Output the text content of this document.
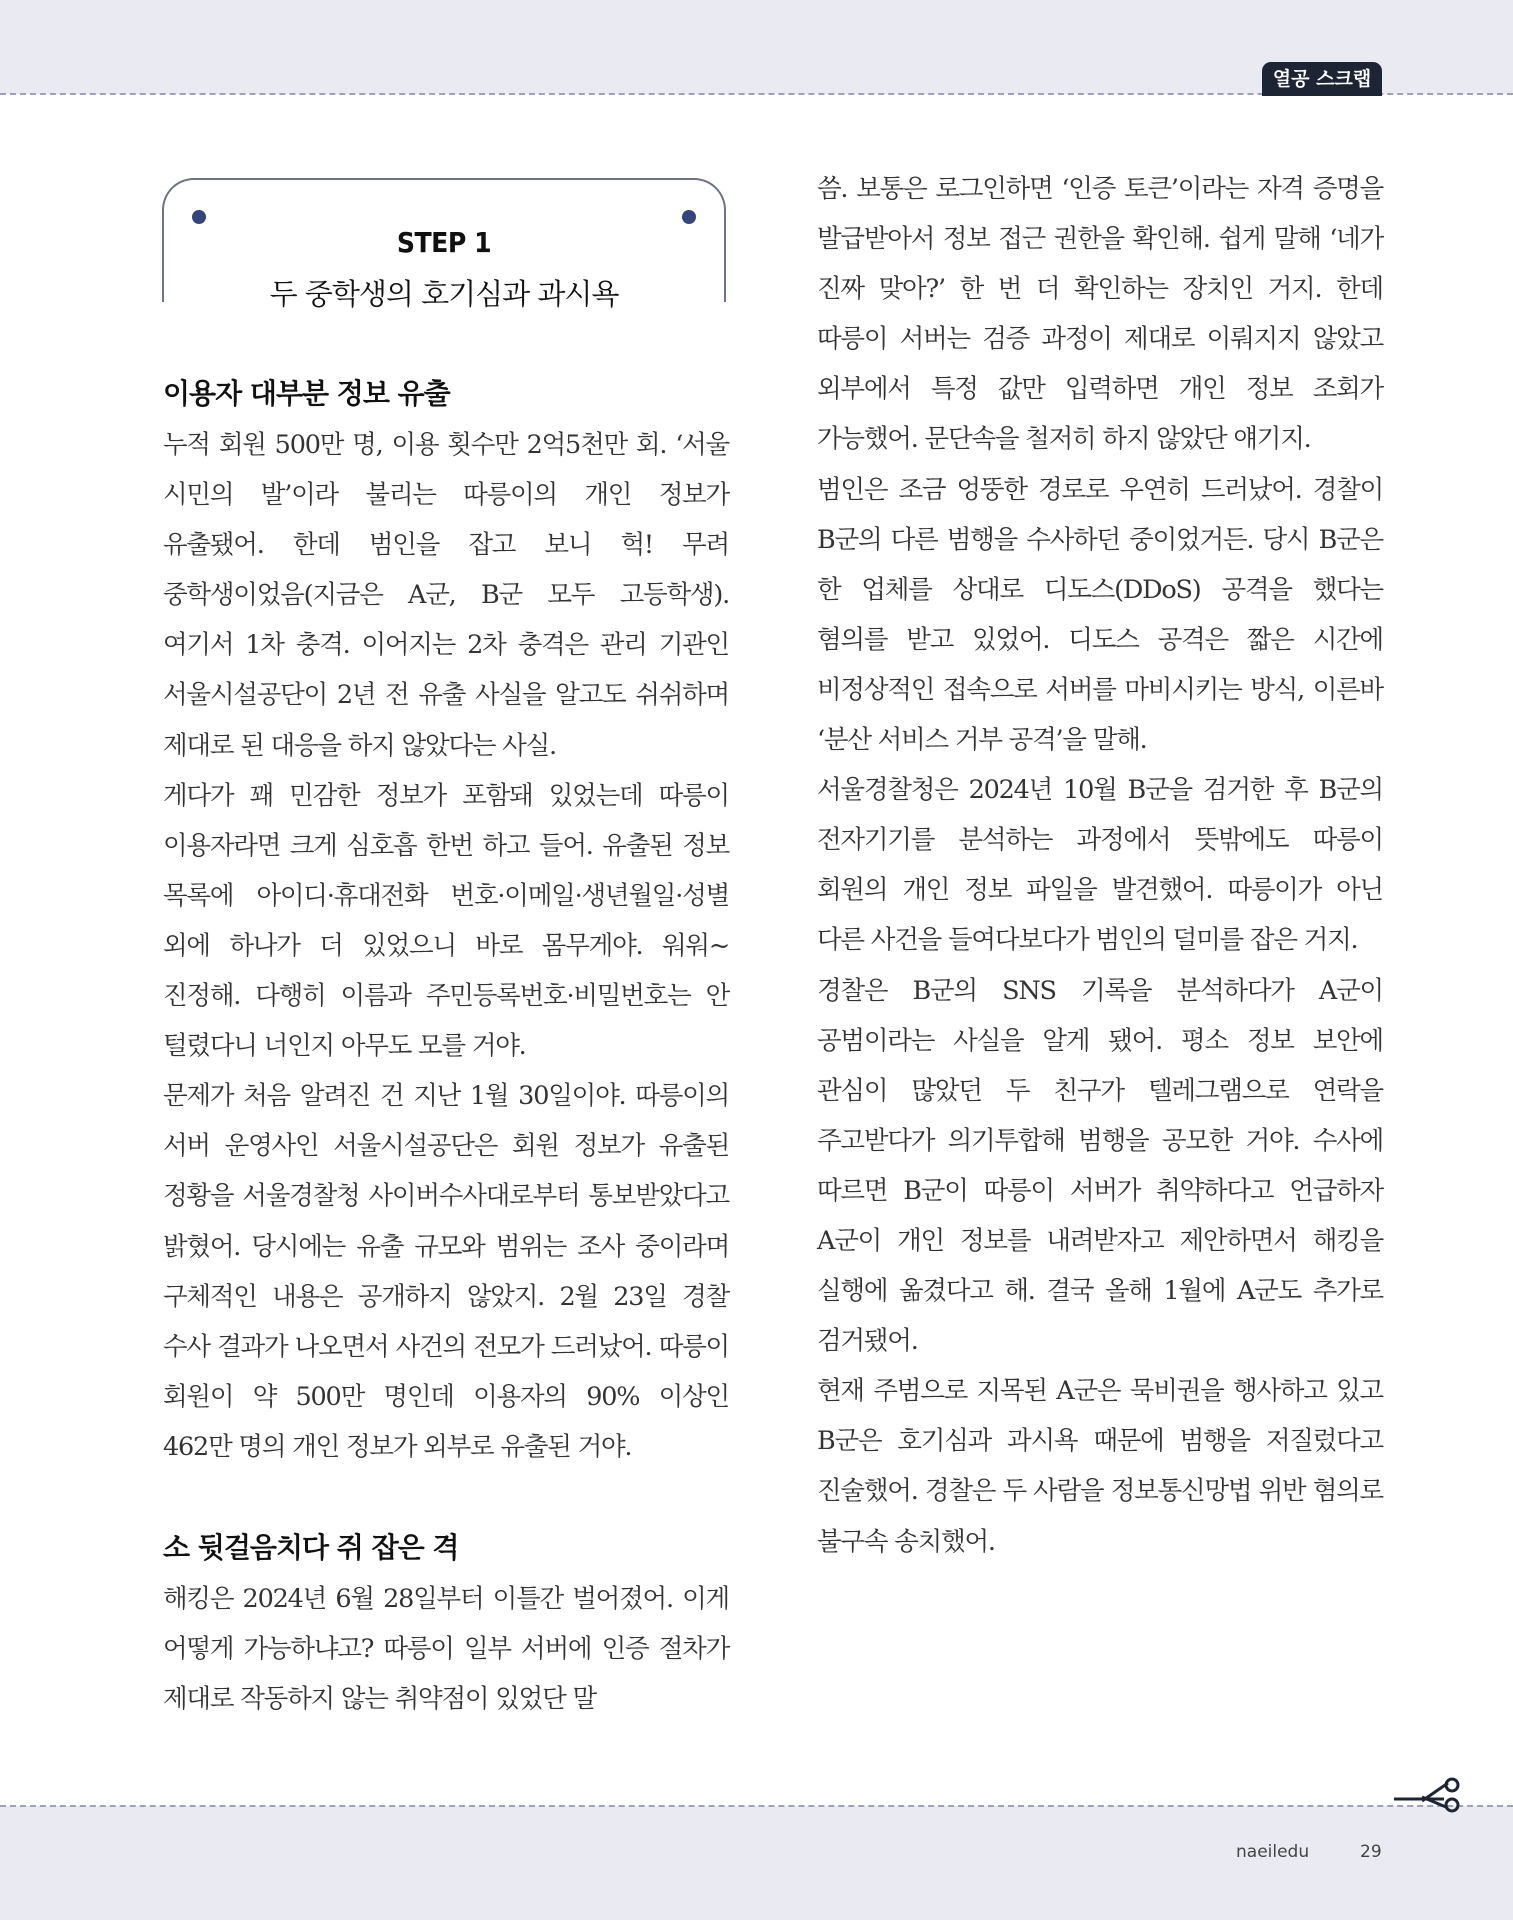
열공 스크랩
STEP 1
두 중학생의 호기심과 과시욕
이용자 대부분 정보 유출
누적 회원 500만 명, 이용 횟수만 2억5천만 회. ‘서울 시민의 발’이라 불리는 따릉이의 개인 정보가 유출됐어. 한데 범인을 잡고 보니 헉! 무려 중학생이었음(지금은 A군, B군 모두 고등학생). 여기서 1차 충격. 이어지는 2차 충격은 관리 기관인 서울시설공단이 2년 전 유출 사실을 알고도 쉬쉬하며 제대로 된 대응을 하지 않았다는 사실.
게다가 꽤 민감한 정보가 포함돼 있었는데 따릉이 이용자라면 크게 심호흡 한번 하고 들어. 유출된 정보 목록에 아이디·휴대전화 번호·이메일·생년월일·성별 외에 하나가 더 있었으니 바로 몸무게야. 워워~ 진정해. 다행히 이름과 주민등록번호·비밀번호는 안 털렸다니 너인지 아무도 모를 거야.
문제가 처음 알려진 건 지난 1월 30일이야. 따릉이의 서버 운영사인 서울시설공단은 회원 정보가 유출된 정황을 서울경찰청 사이버수사대로부터 통보받았다고 밝혔어. 당시에는 유출 규모와 범위는 조사 중이라며 구체적인 내용은 공개하지 않았지. 2월 23일 경찰 수사 결과가 나오면서 사건의 전모가 드러났어. 따릉이 회원이 약 500만 명인데 이용자의 90% 이상인 462만 명의 개인 정보가 외부로 유출된 거야.
소 뒷걸음치다 쥐 잡은 격
해킹은 2024년 6월 28일부터 이틀간 벌어졌어. 이게 어떻게 가능하냐고? 따릉이 일부 서버에 인증 절차가 제대로 작동하지 않는 취약점이 있었단 말
씀. 보통은 로그인하면 ‘인증 토큰’이라는 자격 증명을 발급받아서 정보 접근 권한을 확인해. 쉽게 말해 ‘네가 진짜 맞아?’ 한 번 더 확인하는 장치인 거지. 한데 따릉이 서버는 검증 과정이 제대로 이뤄지지 않았고 외부에서 특정 값만 입력하면 개인 정보 조회가 가능했어. 문단속을 철저히 하지 않았단 얘기지.
범인은 조금 엉뚱한 경로로 우연히 드러났어. 경찰이 B군의 다른 범행을 수사하던 중이었거든. 당시 B군은 한 업체를 상대로 디도스(DDoS) 공격을 했다는 혐의를 받고 있었어. 디도스 공격은 짧은 시간에 비정상적인 접속으로 서버를 마비시키는 방식, 이른바 ‘분산 서비스 거부 공격’을 말해.
서울경찰청은 2024년 10월 B군을 검거한 후 B군의 전자기기를 분석하는 과정에서 뜻밖에도 따릉이 회원의 개인 정보 파일을 발견했어. 따릉이가 아닌 다른 사건을 들여다보다가 범인의 덜미를 잡은 거지.
경찰은 B군의 SNS 기록을 분석하다가 A군이 공범이라는 사실을 알게 됐어. 평소 정보 보안에 관심이 많았던 두 친구가 텔레그램으로 연락을 주고받다가 의기투합해 범행을 공모한 거야. 수사에 따르면 B군이 따릉이 서버가 취약하다고 언급하자 A군이 개인 정보를 내려받자고 제안하면서 해킹을 실행에 옮겼다고 해. 결국 올해 1월에 A군도 추가로 검거됐어.
현재 주범으로 지목된 A군은 묵비권을 행사하고 있고 B군은 호기심과 과시욕 때문에 범행을 저질렀다고 진술했어. 경찰은 두 사람을 정보통신망법 위반 혐의로 불구속 송치했어.
naeiledu	29
